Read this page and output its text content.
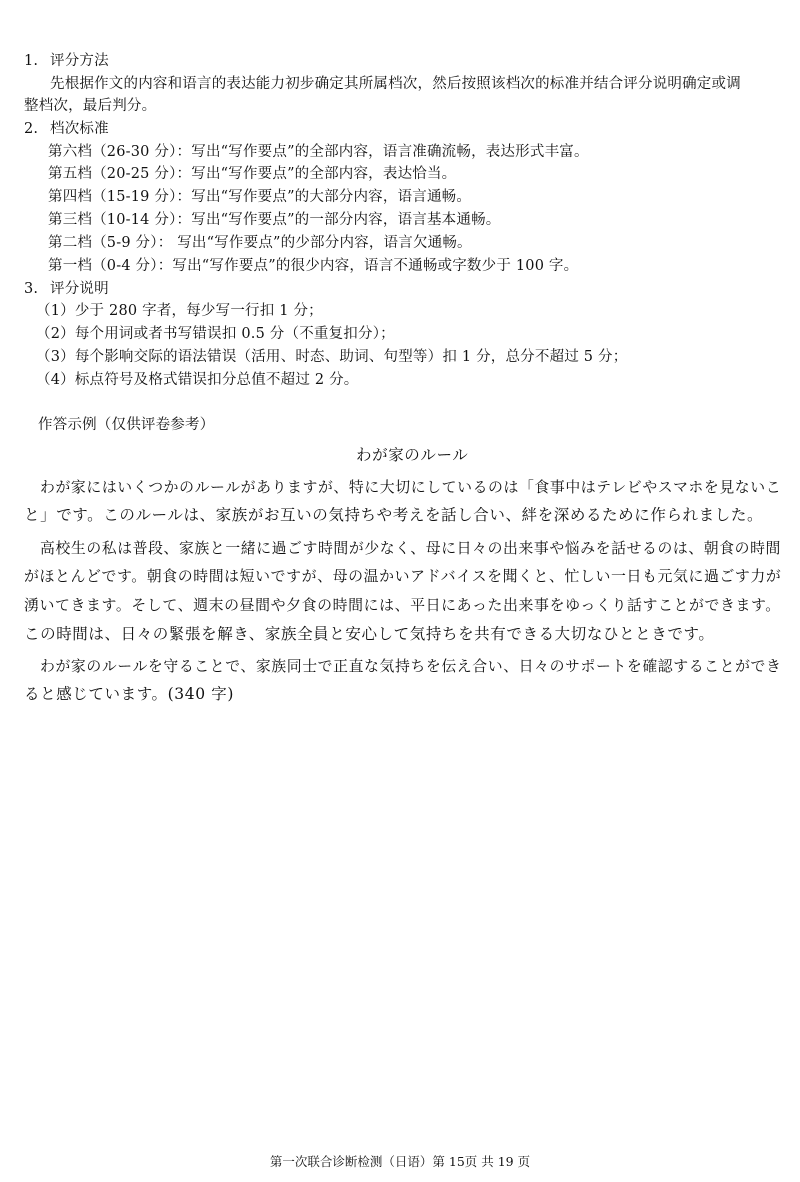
1. 评分方法
先根据作文的内容和语言的表达能力初步确定其所属档次，然后按照该档次的标准并结合评分说明确定或调
整档次，最后判分。
2. 档次标准
第六档（26-30 分）：写出“写作要点”的全部内容，语言准确流畅，表达形式丰富。
第五档（20-25 分）：写出“写作要点”的全部内容，表达恰当。
第四档（15-19 分）：写出“写作要点”的大部分内容，语言通畅。
第三档（10-14 分）：写出“写作要点”的一部分内容，语言基本通畅。
第二档（5-9 分）： 写出“写作要点”的少部分内容，语言欠通畅。
第一档（0-4 分）：写出“写作要点”的很少内容，语言不通畅或字数少于 100 字。
3. 评分说明
（1）少于 280 字者，每少写一行扣 1 分；
（2）每个用词或者书写错误扣 0.5 分（不重复扣分）；
（3）每个影响交际的语法错误（活用、时态、助词、句型等）扣 1 分，总分不超过 5 分；
（4）标点符号及格式错误扣分总值不超过 2 分。
作答示例（仅供评卷参考）
わが家のルール
わが家にはいくつかのルールがありますが、特に大切にしているのは「食事中はテレビやスマホを見ないこ
と」です。このルールは、家族がお互いの気持ちや考えを話し合い、絆を深めるために作られました。
高校生の私は普段、家族と一緒に過ごす時間が少なく、母に日々の出来事や悩みを話せるのは、朝食の時間
がほとんどです。朝食の時間は短いですが、母の温かいアドバイスを聞くと、忙しい一日も元気に過ごす力が
湧いてきます。そして、週末の昼間や夕食の時間には、平日にあった出来事をゆっくり話すことができます。
この時間は、日々の緊張を解き、家族全員と安心して気持ちを共有できる大切なひとときです。
わが家のルールを守ることで、家族同士で正直な気持ちを伝え合い、日々のサポートを確認することができ
ると感じています。(340 字)
第一次联合诊断检测（日语）第 15页 共 19 页
